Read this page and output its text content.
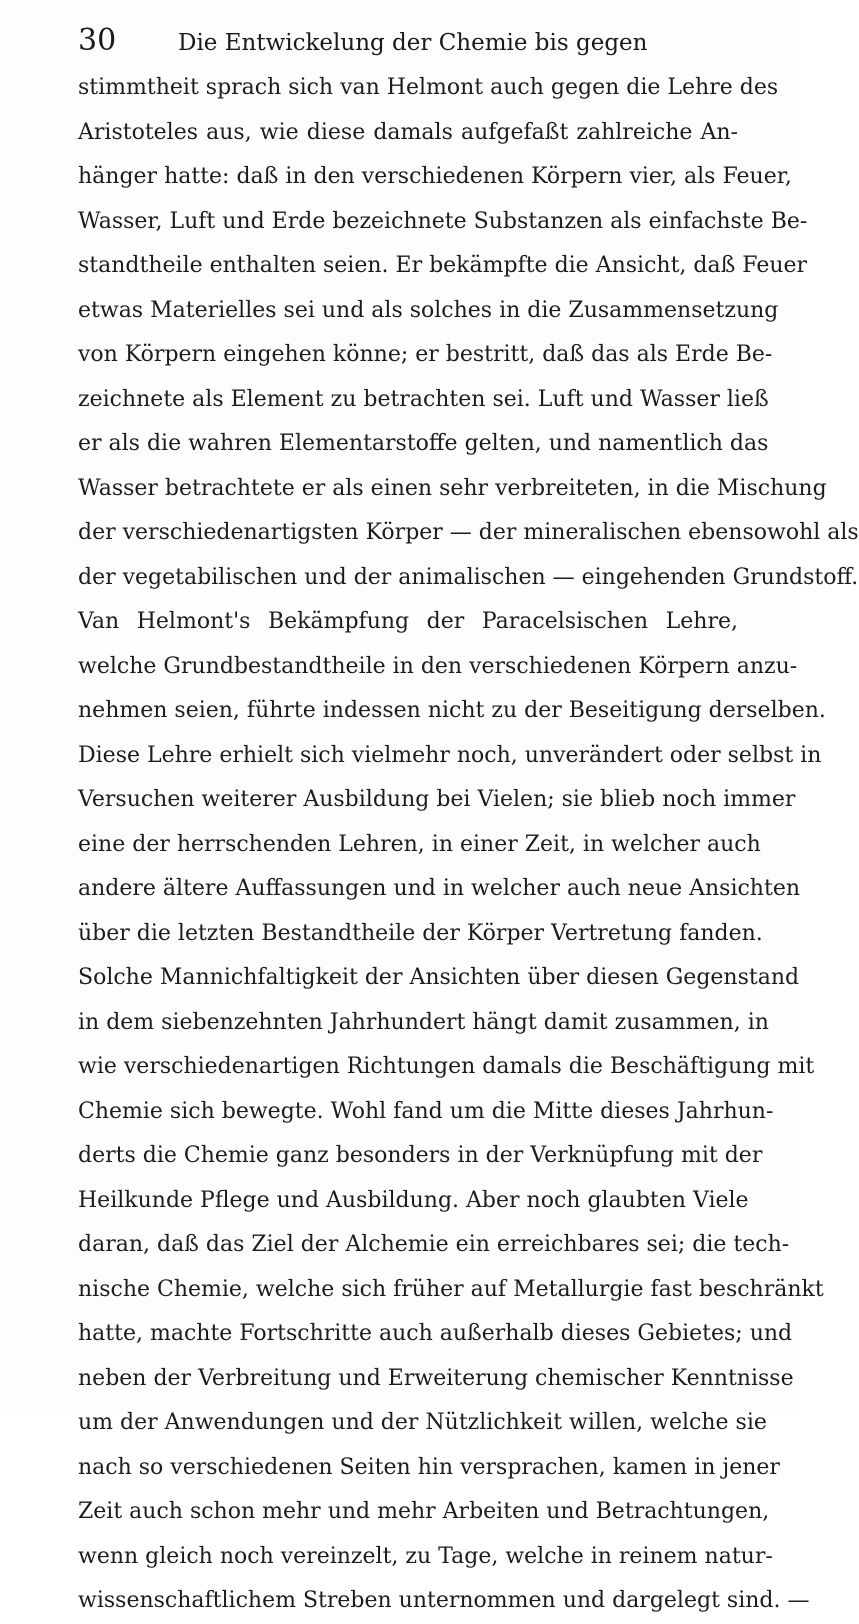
30	Die Entwickelung der Chemie bis gegen
stimmtheit sprach sich van Helmont auch gegen die Lehre des
Aristoteles aus, wie diese damals aufgefaßt zahlreiche An-
hänger hatte: daß in den verschiedenen Körpern vier, als Feuer,
Wasser, Luft und Erde bezeichnete Substanzen als einfachste Be-
standtheile enthalten seien. Er bekämpfte die Ansicht, daß Feuer
etwas Materielles sei und als solches in die Zusammensetzung
von Körpern eingehen könne; er bestritt, daß das als Erde Be-
zeichnete als Element zu betrachten sei. Luft und Wasser ließ
er als die wahren Elementarstoffe gelten, und namentlich das
Wasser betrachtete er als einen sehr verbreiteten, in die Mischung
der verschiedenartigsten Körper — der mineralischen ebensowohl als
der vegetabilischen und der animalischen — eingehenden Grundstoff.
Van Helmont's Bekämpfung der Paracelsischen Lehre,
welche Grundbestandtheile in den verschiedenen Körpern anzu-
nehmen seien, führte indessen nicht zu der Beseitigung derselben.
Diese Lehre erhielt sich vielmehr noch, unverändert oder selbst in
Versuchen weiterer Ausbildung bei Vielen; sie blieb noch immer
eine der herrschenden Lehren, in einer Zeit, in welcher auch
andere ältere Auffassungen und in welcher auch neue Ansichten
über die letzten Bestandtheile der Körper Vertretung fanden.
Solche Mannichfaltigkeit der Ansichten über diesen Gegenstand
in dem siebenzehnten Jahrhundert hängt damit zusammen, in
wie verschiedenartigen Richtungen damals die Beschäftigung mit
Chemie sich bewegte. Wohl fand um die Mitte dieses Jahrhun-
derts die Chemie ganz besonders in der Verknüpfung mit der
Heilkunde Pflege und Ausbildung. Aber noch glaubten Viele
daran, daß das Ziel der Alchemie ein erreichbares sei; die tech-
nische Chemie, welche sich früher auf Metallurgie fast beschränkt
hatte, machte Fortschritte auch außerhalb dieses Gebietes; und
neben der Verbreitung und Erweiterung chemischer Kenntnisse
um der Anwendungen und der Nützlichkeit willen, welche sie
nach so verschiedenen Seiten hin versprachen, kamen in jener
Zeit auch schon mehr und mehr Arbeiten und Betrachtungen,
wenn gleich noch vereinzelt, zu Tage, welche in reinem natur-
wissenschaftlichem Streben unternommen und dargelegt sind. —
